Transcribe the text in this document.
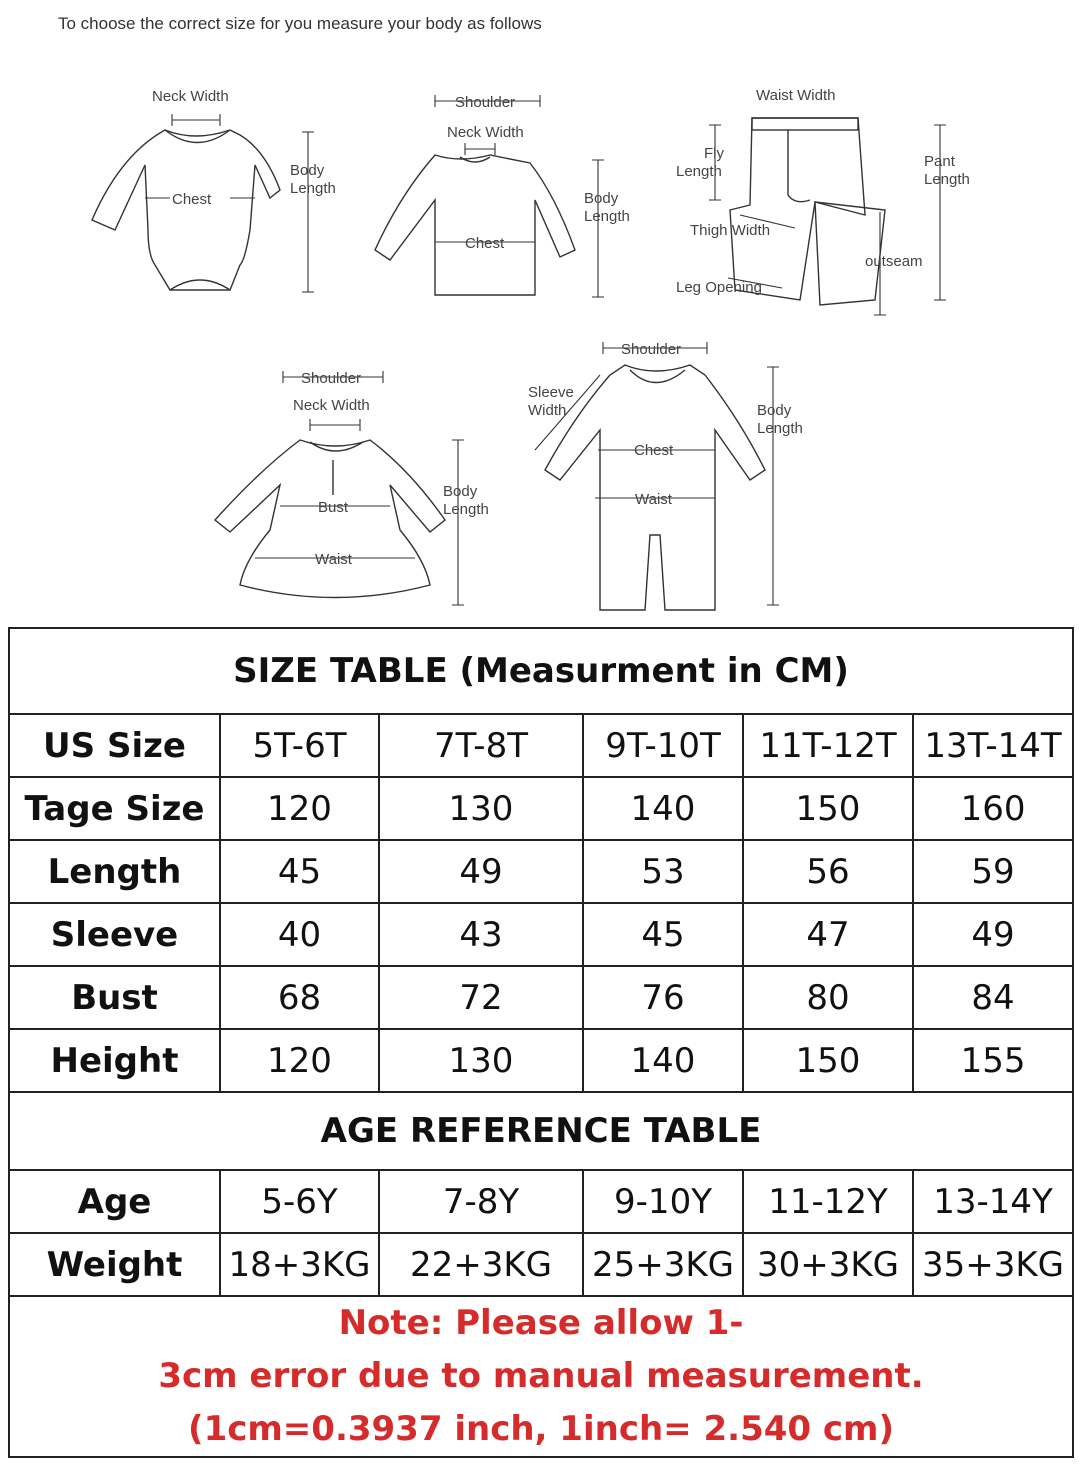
To choose the correct size for you measure your body as follows
Neck Width
Chest
Body
Length
Shoulder
Neck Width
Chest
Body
Length
Waist Width
Fly
Length
Pant
Length
Thigh Width
outseam
Leg Opening
Shoulder
Neck Width
Bust
Waist
Body
Length
Shoulder
Sleeve
Width
Chest
Waist
Body
Length
SIZE TABLE (Measurment in CM)					
US Size	5T-6T	7T-8T	9T-10T	11T-12T	13T-14T
Tage Size	120	130	140	150	160
Length	45	49	53	56	59
Sleeve	40	43	45	47	49
Bust	68	72	76	80	84
Height	120	130	140	150	155
AGE REFERENCE TABLE					
Age	5-6Y	7-8Y	9-10Y	11-12Y	13-14Y
Weight	18+3KG	22+3KG	25+3KG	30+3KG	35+3KG

Note: Please allow 1-
3cm error due to manual measurement.
(1cm=0.3937 inch, 1inch= 2.540 cm)					
